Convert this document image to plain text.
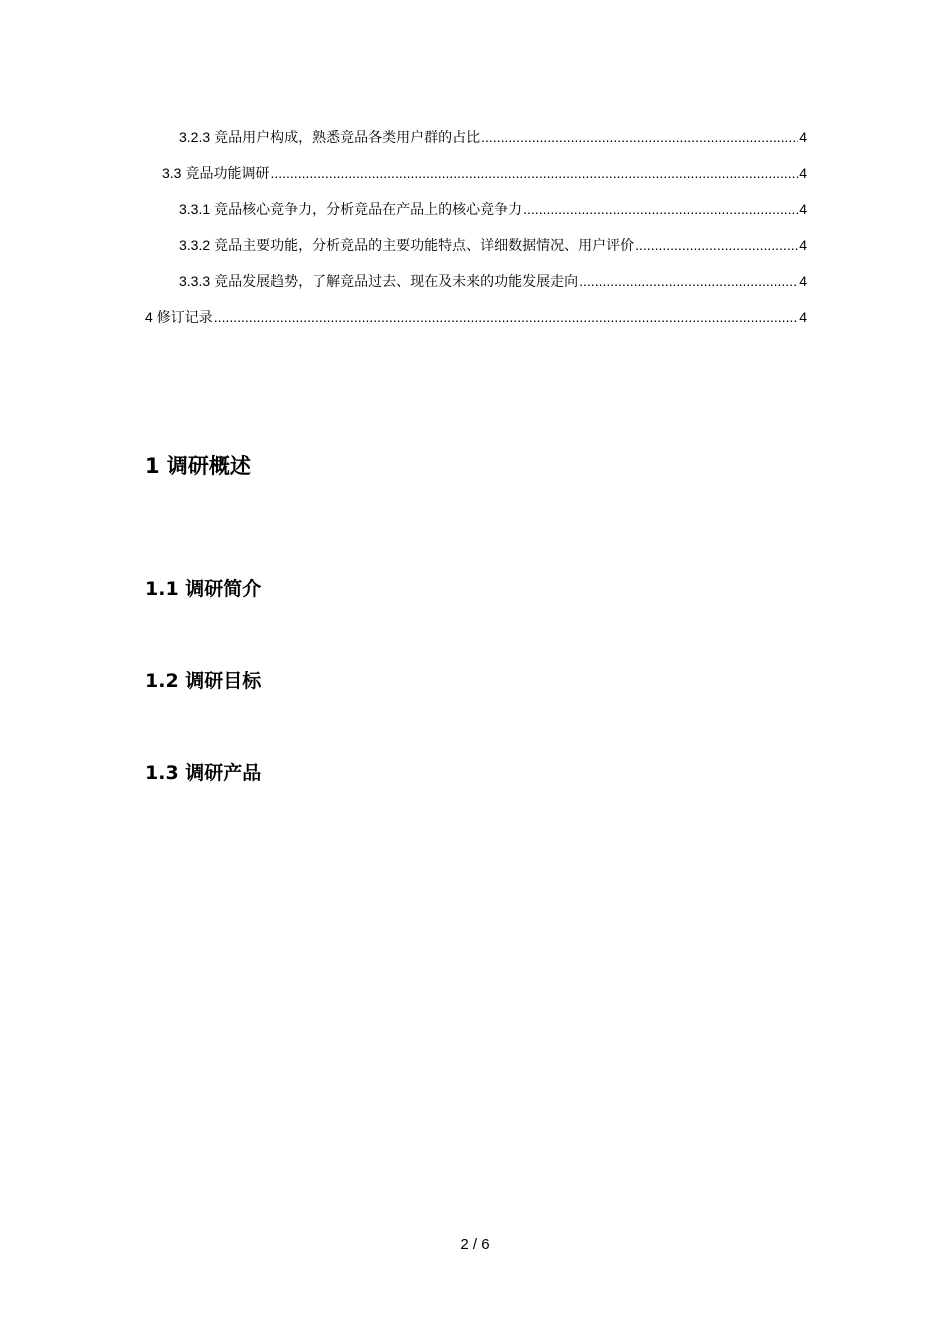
3.2.3 竞品用户构成，熟悉竞品各类用户群的占比 .....	4
3.3 竞品功能调研 .....	4
3.3.1 竞品核心竞争力，分析竞品在产品上的核心竞争力 .....	4
3.3.2 竞品主要功能，分析竞品的主要功能特点、详细数据情况、用户评价 .....	4
3.3.3 竞品发展趋势，了解竞品过去、现在及未来的功能发展走向 .....	4
4 修订记录 .....	4
1 调研概述
1.1 调研简介
1.2 调研目标
1.3 调研产品
2 / 6
